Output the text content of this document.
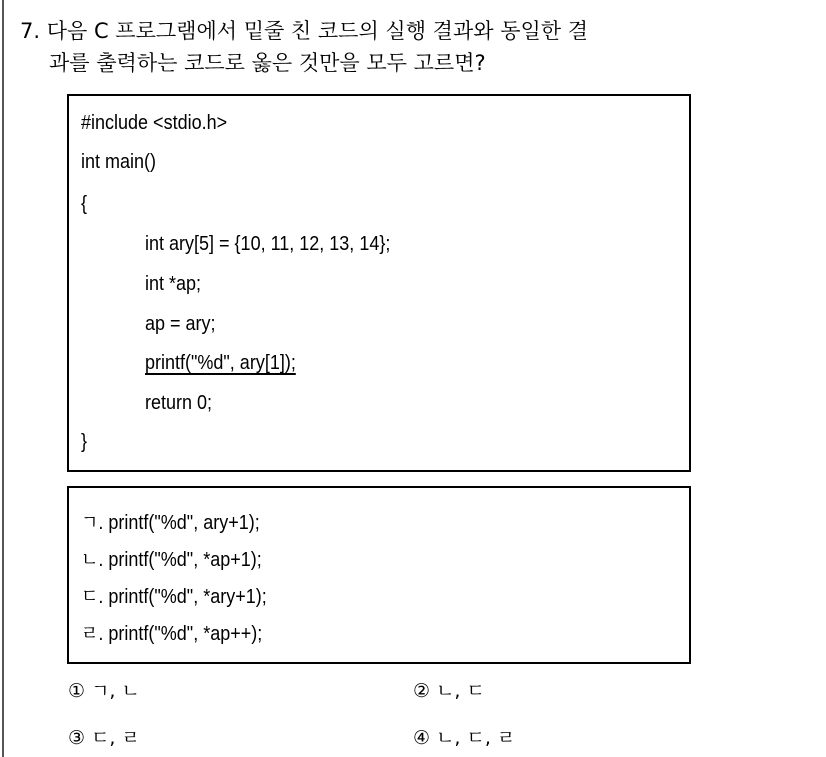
7. 다음 C 프로그램에서 밑줄 친 코드의 실행 결과와 동일한 결
과를 출력하는 코드로 옳은 것만을 모두 고르면?
#include <stdio.h>
int main()
{
int ary[5] = {10, 11, 12, 13, 14};
int *ap;
ap = ary;
printf("%d", ary[1]);
return 0;
}
ㄱ. printf("%d", ary+1);
ㄴ. printf("%d", *ap+1);
ㄷ. printf("%d", *ary+1);
ㄹ. printf("%d", *ap++);
① ㄱ, ㄴ	② ㄴ, ㄷ
③ ㄷ, ㄹ	④ ㄴ, ㄷ, ㄹ
